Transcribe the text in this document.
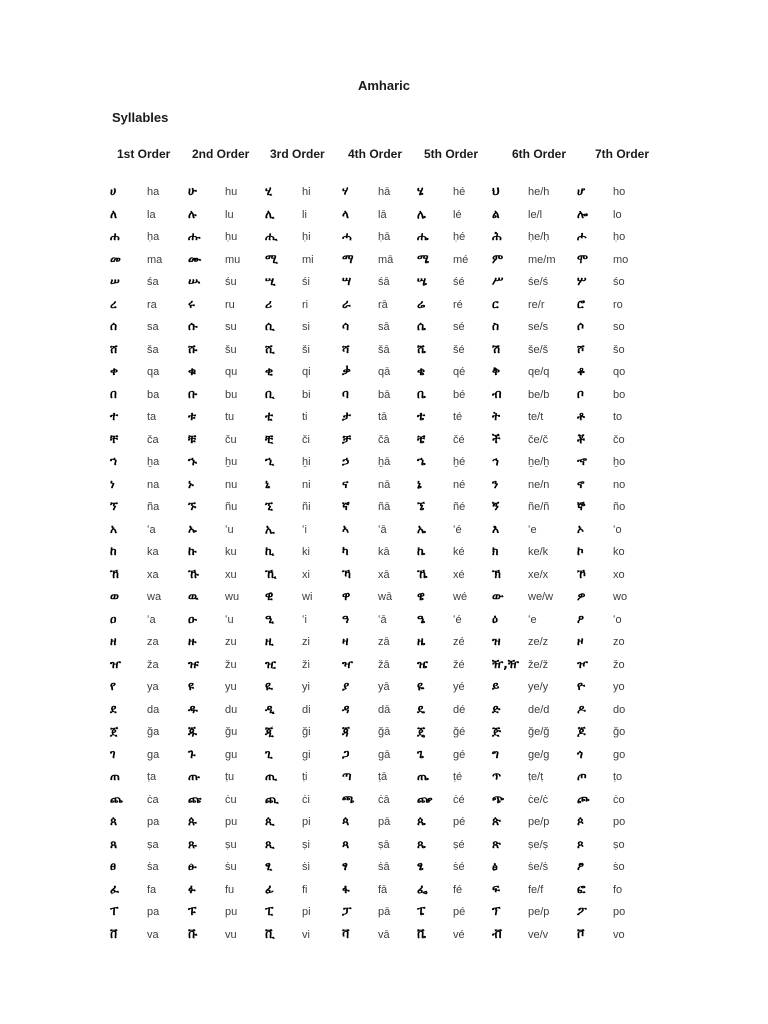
Amharic
Syllables
1st Order	2nd Order	3rd Order	4th Order	5th Order	6th Order	7th Order
ሀ	ha	ሁ	hu	ሂ	hi	ሃ	hā	ሄ	hé	ህ	he/h	ሆ	ho
ለ	la	ሉ	lu	ሊ	li	ላ	lā	ሌ	lé	ል	le/l	ሎ	lo
ሐ	ḥa	ሑ	ḥu	ሒ	ḥi	ሓ	ḥā	ሔ	ḥé	ሕ	ḥe/ḥ	ሖ	ḥo
መ	ma	ሙ	mu	ሚ	mi	ማ	mā	ሜ	mé	ም	me/m	ሞ	mo
ሠ	śa	ሡ	śu	ሢ	śi	ሣ	śā	ሤ	śé	ሥ	śe/ś	ሦ	śo
ረ	ra	ሩ	ru	ሪ	ri	ራ	rā	ሬ	ré	ር	re/r	ሮ	ro
ሰ	sa	ሱ	su	ሲ	si	ሳ	sā	ሴ	sé	ስ	se/s	ሶ	so
ሸ	ša	ሹ	šu	ሺ	ši	ሻ	šā	ሼ	šé	ሽ	še/š	ሾ	šo
ቀ	qa	ቁ	qu	ቂ	qi	ቃ	qā	ቄ	qé	ቅ	qe/q	ቆ	qo
በ	ba	ቡ	bu	ቢ	bi	ባ	bā	ቤ	bé	ብ	be/b	ቦ	bo
ተ	ta	ቱ	tu	ቲ	ti	ታ	tā	ቴ	té	ት	te/t	ቶ	to
ቸ	ča	ቹ	ču	ቺ	či	ቻ	čā	ቼ	čé	ች	če/č	ቾ	čo
ኀ	ẖa	ኁ	ẖu	ኂ	ẖi	ኃ	ẖā	ኄ	ẖé	ኅ	ẖe/ẖ	ኆ	ẖo
ነ	na	ኑ	nu	ኒ	ni	ና	nā	ኔ	né	ን	ne/n	ኖ	no
ኘ	ña	ኙ	ñu	ኚ	ñi	ኛ	ñā	ኜ	ñé	ኝ	ñe/ñ	ኞ	ño
አ	ʻa	ኡ	ʻu	ኢ	ʻi	ኣ	ʻā	ኤ	ʻé	እ	ʻe	ኦ	ʻo
ከ	ka	ኩ	ku	ኪ	ki	ካ	kā	ኬ	ké	ክ	ke/k	ኮ	ko
ኸ	xa	ኹ	xu	ኺ	xi	ኻ	xā	ኼ	xé	ኽ	xe/x	ኾ	xo
ወ	wa	ዉ	wu	ዊ	wi	ዋ	wā	ዌ	wé	ው	we/w	ዎ	wo
ዐ	ʻa	ዑ	ʻu	ዒ	ʻi	ዓ	ʻā	ዔ	ʻé	ዕ	ʻe	ዖ	ʻo
ዘ	za	ዙ	zu	ዚ	zi	ዛ	zā	ዜ	zé	ዝ	ze/z	ዞ	zo
ዠ	ža	ዡ	žu	ዢ	ži	ዣ	žā	ዤ	žé	ዥ,ዥ že/ž	ዦ	žo
የ	ya	ዩ	yu	ዪ	yi	ያ	yā	ዬ	yé	ይ	ye/y	ዮ	yo
ደ	da	ዱ	du	ዲ	di	ዳ	dā	ዴ	dé	ድ	de/d	ዶ	do
ጀ	ğa	ጁ	ğu	ጂ	ği	ጃ	ğā	ጄ	ğé	ጅ	ğe/ğ	ጆ	ğo
ገ	ga	ጉ	gu	ጊ	gi	ጋ	gā	ጌ	gé	ግ	ge/g	ጎ	go
ጠ	ṭa	ጡ	ṭu	ጢ	ṭi	ጣ	ṭā	ጤ	ṭé	ጥ	ṭe/ṭ	ጦ	ṭo
ጨ	ċa	ጩ	ċu	ጪ	ċi	ጫ	ċā	ጬ	ċé	ጭ	ċe/ċ	ጮ	ċo
ጰ	pa	ጱ	pu	ጲ	pi	ጳ	pā	ጴ	pé	ጵ	pe/p	ጶ	po
ጸ	ṣa	ጹ	ṣu	ጺ	ṣi	ጻ	ṣā	ጼ	ṣé	ጽ	ṣe/ṣ	ጾ	ṣo
ፀ	ṡa	ፁ	ṡu	ፂ	ṡi	ፃ	ṡā	ፄ	ṡé	ፅ	ṡe/ṡ	ፆ	ṡo
ፈ	fa	ፉ	fu	ፊ	fi	ፋ	fā	ፌ	fé	ፍ	fe/f	ፎ	fo
ፐ	pa	ፑ	pu	ፒ	pi	ፓ	pā	ፔ	pé	ፕ	pe/p	ፖ	po
ቨ	va	ቩ	vu	ቪ	vi	ቫ	vā	ቬ	vé	ቭ	ve/v	ቮ	vo
